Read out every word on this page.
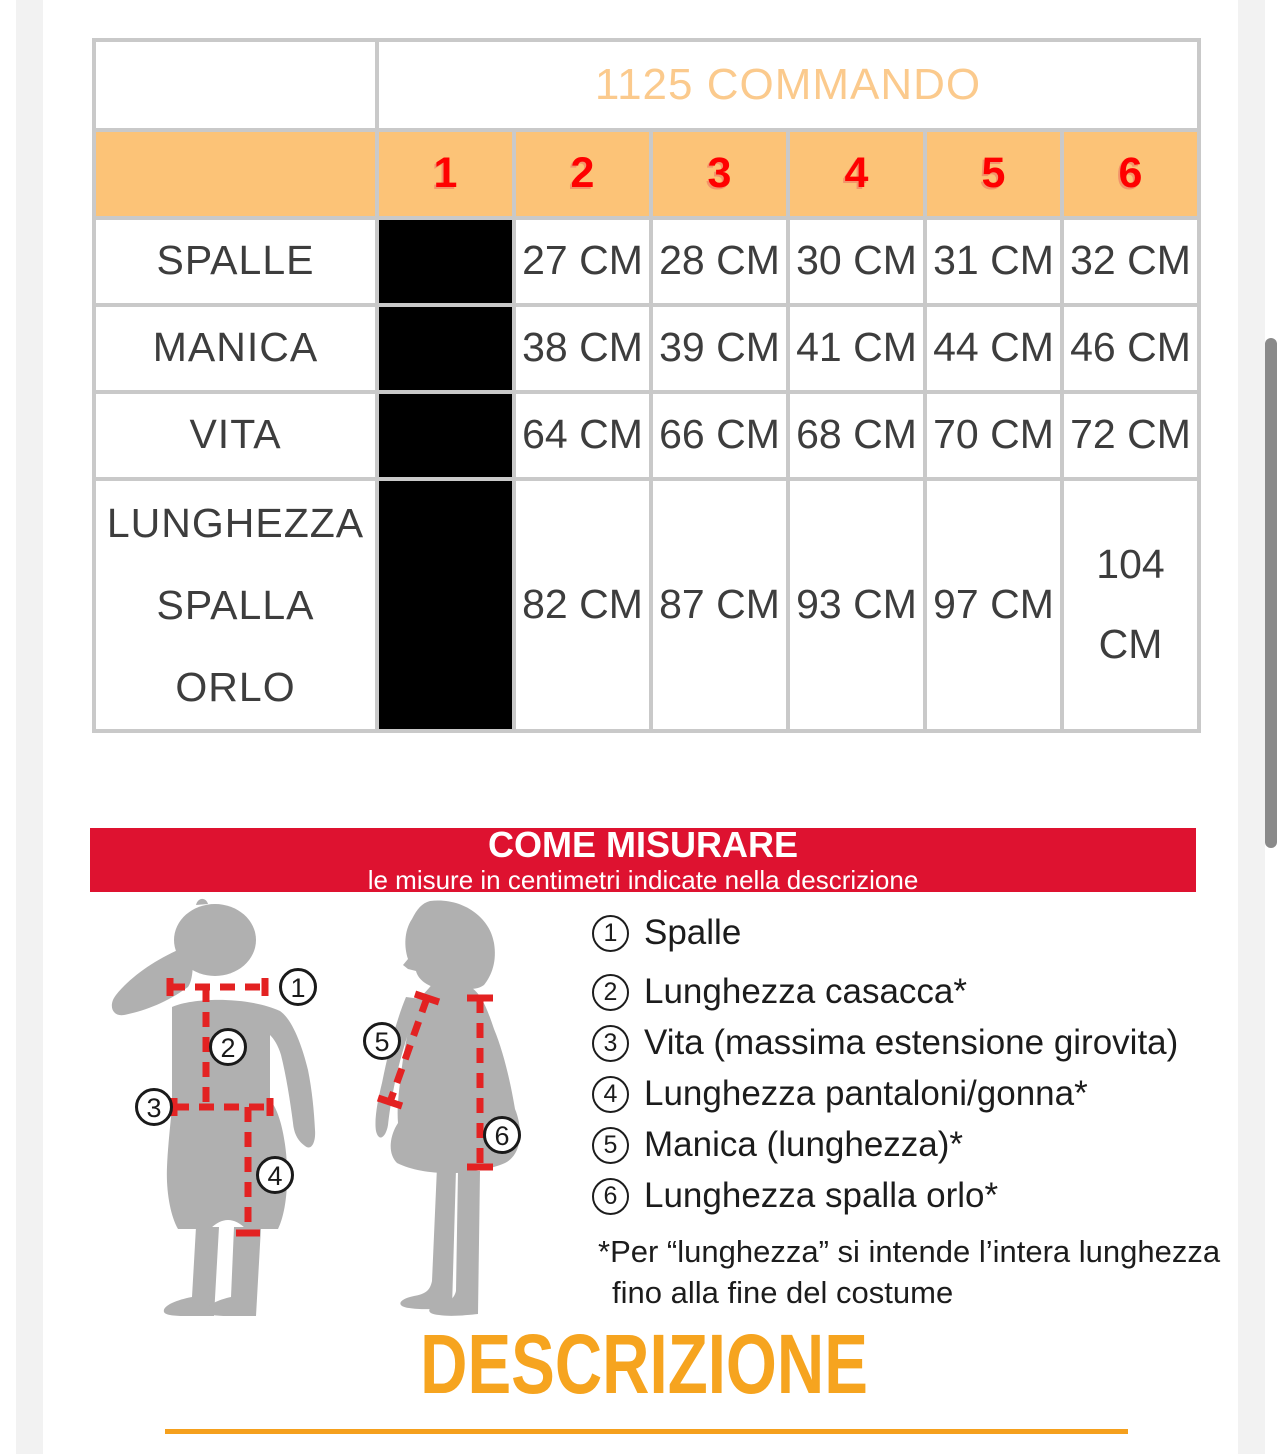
	1125 COMMANDO					
	1	2	3	4	5	6
SPALLE		27 CM	28 CM	30 CM	31 CM	32 CM
MANICA		38 CM	39 CM	41 CM	44 CM	46 CM
VITA		64 CM	66 CM	68 CM	70 CM	72 CM
LUNGHEZZA SPALLA ORLO		82 CM	87 CM	93 CM	97 CM	104 CM
COME MISURARE
le misure in centimetri indicate nella descrizione
1
2
3
4
5
6
1 Spalle
2 Lunghezza casacca*
3 Vita (massima estensione girovita)
4 Lunghezza pantaloni/gonna*
5 Manica (lunghezza)*
6 Lunghezza spalla orlo*
*Per “lunghezza” si intende l’intera lunghezza
fino alla fine del costume
DESCRIZIONE
